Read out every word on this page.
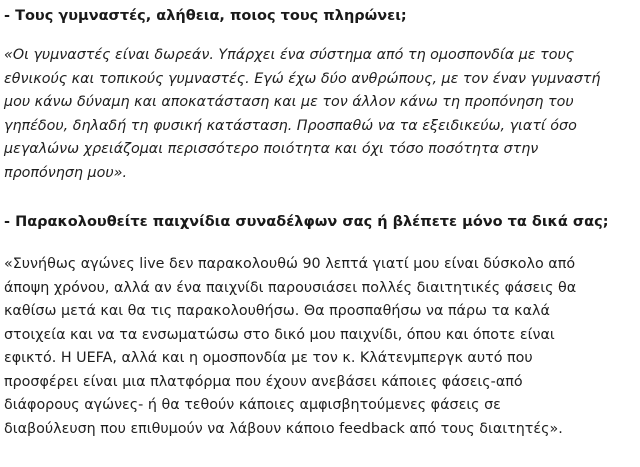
- Τους γυμναστές, αλήθεια, ποιος τους πληρώνει;

«Οι γυμναστές είναι δωρεάν. Υπάρχει ένα σύστημα από τη ομοσπονδία με τους
εθνικούς και τοπικούς γυμναστές. Εγώ έχω δύο ανθρώπους, με τον έναν γυμναστή
μου κάνω δύναμη και αποκατάσταση και με τον άλλον κάνω τη προπόνηση του
γηπέδου, δηλαδή τη φυσική κατάσταση. Προσπαθώ να τα εξειδικεύω, γιατί όσο
μεγαλώνω χρειάζομαι περισσότερο ποιότητα και όχι τόσο ποσότητα στην
προπόνηση μου».

- Παρακολουθείτε παιχνίδια συναδέλφων σας ή βλέπετε μόνο τα δικά σας;

«Συνήθως αγώνες live δεν παρακολουθώ 90 λεπτά γιατί μου είναι δύσκολο από
άποψη χρόνου, αλλά αν ένα παιχνίδι παρουσιάσει πολλές διαιτητικές φάσεις θα
καθίσω μετά και θα τις παρακολουθήσω. Θα προσπαθήσω να πάρω τα καλά
στοιχεία και να τα ενσωματώσω στο δικό μου παιχνίδι, όπου και όποτε είναι
εφικτό. Η UEFA, αλλά και η ομοσπονδία με τον κ. Κλάτενμπεργκ αυτό που
προσφέρει είναι μια πλατφόρμα που έχουν ανεβάσει κάποιες φάσεις-από
διάφορους αγώνες- ή θα τεθούν κάποιες αμφισβητούμενες φάσεις σε
διαβούλευση που επιθυμούν να λάβουν κάποιο feedback από τους διαιτητές».
